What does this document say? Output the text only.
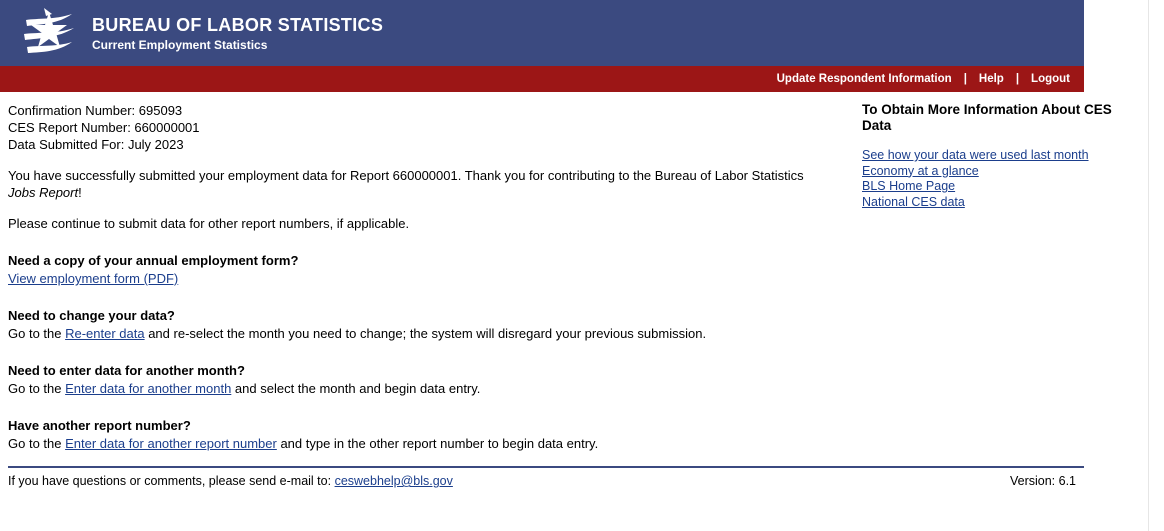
BUREAU OF LABOR STATISTICS
Current Employment Statistics
Update Respondent Information | Help | Logout
Confirmation Number: 695093
CES Report Number: 660000001
Data Submitted For: July 2023
You have successfully submitted your employment data for Report 660000001. Thank you for contributing to the Bureau of Labor Statistics Jobs Report!
Please continue to submit data for other report numbers, if applicable.
Need a copy of your annual employment form?
View employment form (PDF)
Need to change your data?
Go to the Re-enter data and re-select the month you need to change; the system will disregard your previous submission.
Need to enter data for another month?
Go to the Enter data for another month and select the month and begin data entry.
Have another report number?
Go to the Enter data for another report number and type in the other report number to begin data entry.
To Obtain More Information About CES Data
See how your data were used last month
Economy at a glance
BLS Home Page
National CES data
If you have questions or comments, please send e-mail to: ceswebhelp@bls.gov	Version: 6.1
